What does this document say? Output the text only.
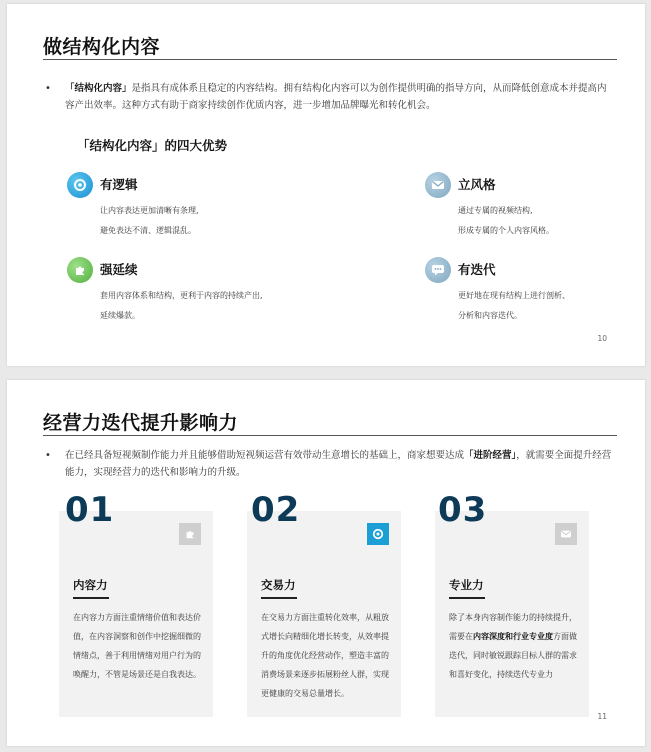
做结构化内容
• 「结构化内容」是指具有成体系且稳定的内容结构。拥有结构化内容可以为创作提供明确的指导方向，从而降低创意成本并提高内容产出效率。这种方式有助于商家持续创作优质内容，进一步增加品牌曝光和转化机会。
「结构化内容」的四大优势
有逻辑
让内容表达更加清晰有条理,
避免表达不清、逻辑混乱。
立风格
通过专属的视频结构,
形成专属的个人内容风格。
强延续
套用内容体系和结构，更利于内容的持续产出,
延续爆款。
有迭代
更好地在现有结构上进行剖析、
分析和内容迭代。
10
经营力迭代提升影响力
• 在已经具备短视频制作能力并且能够借助短视频运营有效带动生意增长的基础上，商家想要达成「进阶经营」，就需要全面提升经营能力，实现经营力的迭代和影响力的升级。
内容力
在内容力方面注重情绪价值和表达价值，在内容洞察和创作中挖掘细微的情绪点，善于利用情绪对用户行为的唤醒力，不管是场景还是自我表达。
交易力
在交易力方面注重转化效率，从粗放式增长向精细化增长转变，从效率提升的角度优化经营动作，塑造丰富的消费场景来逐步拓展粉丝人群，实现更健康的交易总量增长。
专业力
除了本身内容制作能力的持续提升，需要在内容深度和行业专业度方面做迭代，同时敏锐跟踪目标人群的需求和喜好变化，持续迭代专业力
01	02	03
11
